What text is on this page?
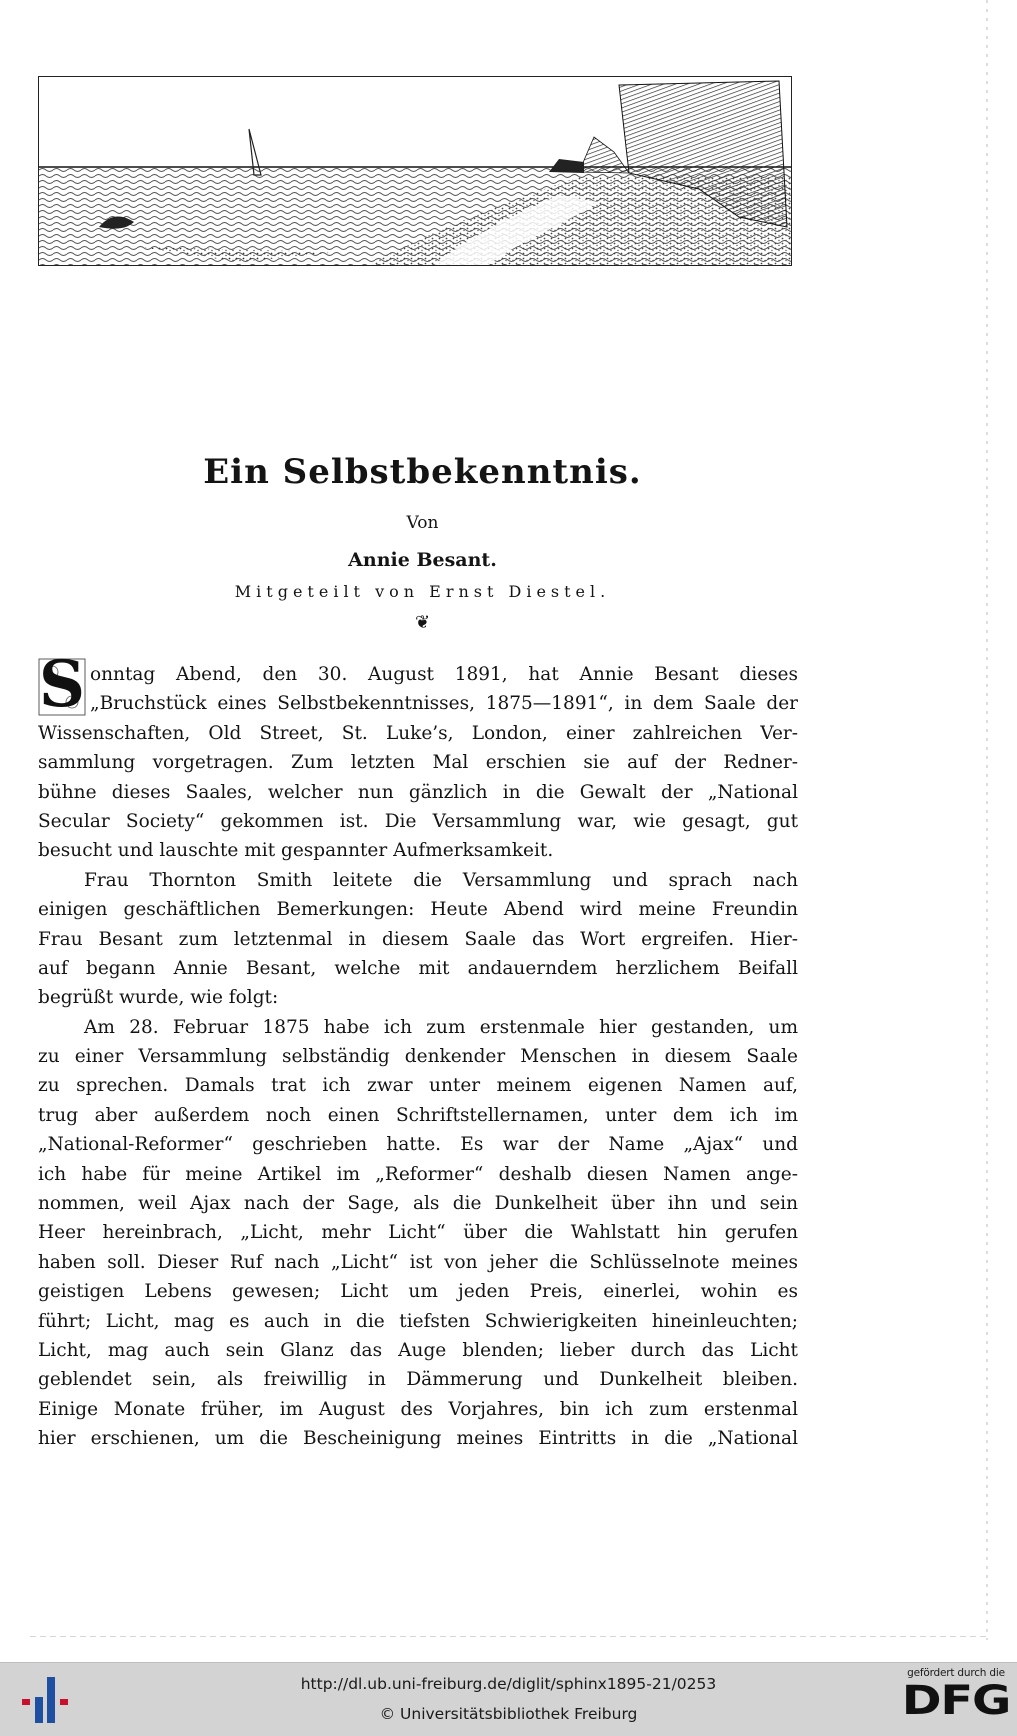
Ein Selbstbekenntnis.
Von
Annie Besant.
Mitgeteilt von Ernst Diestel.
❦
S onntag Abend, den 30. August 1891, hat Annie Besant dieses
„Bruchstück eines Selbstbekenntnisses, 1875—1891“, in dem Saale der
Wissenschaften, Old Street, St. Luke’s, London, einer zahlreichen Ver-
sammlung vorgetragen. Zum letzten Mal erschien sie auf der Redner-
bühne dieses Saales, welcher nun gänzlich in die Gewalt der „National
Secular Society“ gekommen ist. Die Versammlung war, wie gesagt, gut
besucht und lauschte mit gespannter Aufmerksamkeit.
Frau Thornton Smith leitete die Versammlung und sprach nach
einigen geschäftlichen Bemerkungen: Heute Abend wird meine Freundin
Frau Besant zum letztenmal in diesem Saale das Wort ergreifen. Hier-
auf begann Annie Besant, welche mit andauerndem herzlichem Beifall
begrüßt wurde, wie folgt:
Am 28. Februar 1875 habe ich zum erstenmale hier gestanden, um
zu einer Versammlung selbständig denkender Menschen in diesem Saale
zu sprechen. Damals trat ich zwar unter meinem eigenen Namen auf,
trug aber außerdem noch einen Schriftstellernamen, unter dem ich im
„National-Reformer“ geschrieben hatte. Es war der Name „Ajax“ und
ich habe für meine Artikel im „Reformer“ deshalb diesen Namen ange-
nommen, weil Ajax nach der Sage, als die Dunkelheit über ihn und sein
Heer hereinbrach, „Licht, mehr Licht“ über die Wahlstatt hin gerufen
haben soll. Dieser Ruf nach „Licht“ ist von jeher die Schlüsselnote meines
geistigen Lebens gewesen; Licht um jeden Preis, einerlei, wohin es
führt; Licht, mag es auch in die tiefsten Schwierigkeiten hineinleuchten;
Licht, mag auch sein Glanz das Auge blenden; lieber durch das Licht
geblendet sein, als freiwillig in Dämmerung und Dunkelheit bleiben.
Einige Monate früher, im August des Vorjahres, bin ich zum erstenmal
hier erschienen, um die Bescheinigung meines Eintritts in die „National
http://dl.ub.uni-freiburg.de/diglit/sphinx1895-21/0253
© Universitätsbibliothek Freiburg
gefördert durch die
DFG
